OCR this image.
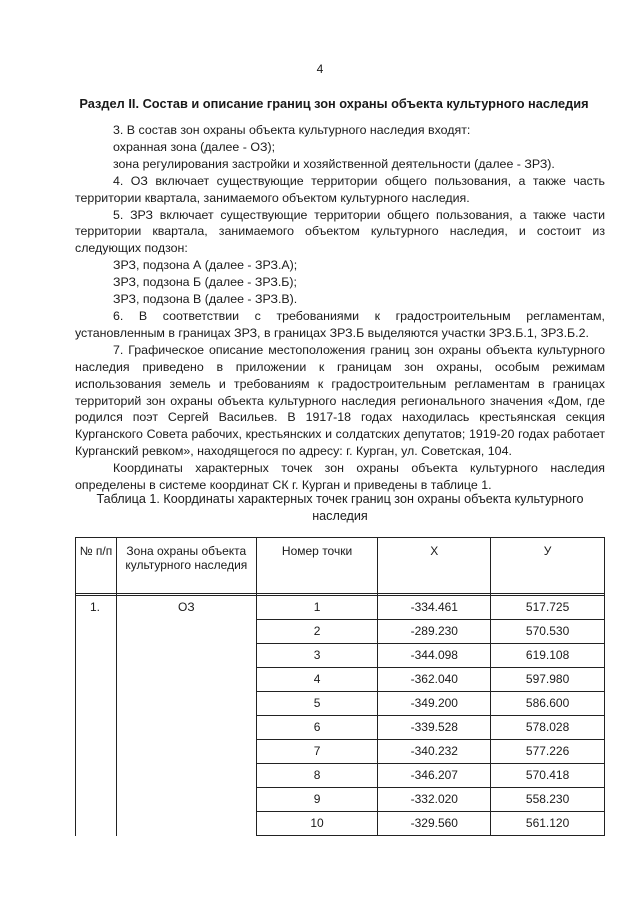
4
Раздел II. Состав и описание границ зон охраны объекта культурного наследия

3. В состав зон охраны объекта культурного наследия входят:

охранная зона (далее - ОЗ);

зона регулирования застройки и хозяйственной деятельности (далее - ЗРЗ).

4. ОЗ включает существующие территории общего пользования, а также часть территории квартала, занимаемого объектом культурного наследия.

5. ЗРЗ включает существующие территории общего пользования, а также части территории квартала, занимаемого объектом культурного наследия, и состоит из следующих подзон:

ЗРЗ, подзона А (далее - ЗРЗ.А);

ЗРЗ, подзона Б (далее - ЗРЗ.Б);

ЗРЗ, подзона В (далее - ЗРЗ.В).

6. В соответствии с требованиями к градостроительным регламентам, установленным в границах ЗРЗ, в границах ЗРЗ.Б выделяются участки ЗРЗ.Б.1, ЗРЗ.Б.2.

7. Графическое описание местоположения границ зон охраны объекта культурного наследия приведено в приложении к границам зон охраны, особым режимам использования земель и требованиям к градостроительным регламентам в границах территорий зон охраны объекта культурного наследия регионального значения «Дом, где родился поэт Сергей Васильев. В 1917-18 годах находилась крестьянская секция Курганского Совета рабочих, крестьянских и солдатских депутатов; 1919-20 годах работает Курганский ревком», находящегося по адресу: г. Курган, ул. Советская, 104.

Координаты характерных точек зон охраны объекта культурного наследия определены в системе координат СК г. Курган и приведены в таблице 1.

Таблица 1. Координаты характерных точек границ зон охраны объекта культурного наследия
№ п/п	Зона охраны объекта культурного наследия	Номер точки	X	У

1.	ОЗ	1	-334.461	517.725
		2	-289.230	570.530
		3	-344.098	619.108
		4	-362.040	597.980
		5	-349.200	586.600
		6	-339.528	578.028
		7	-340.232	577.226
		8	-346.207	570.418
		9	-332.020	558.230
		10	-329.560	561.120
